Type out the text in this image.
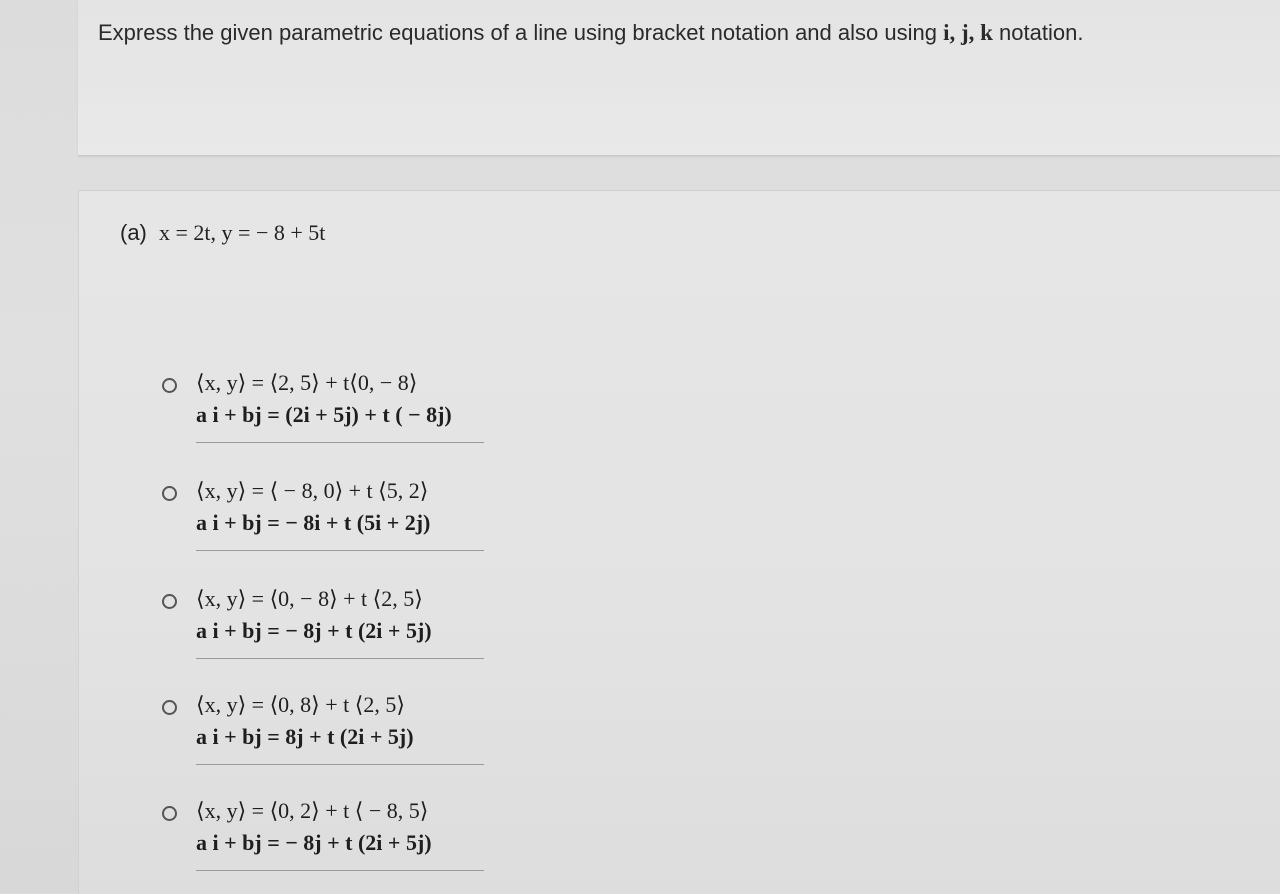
Express the given parametric equations of a line using bracket notation and also using i, j, k notation.
(a) x = 2t, y = − 8 + 5t
⟨x, y⟩ = ⟨2, 5⟩ + t⟨0, − 8⟩
a i + bj = (2i + 5j) + t ( − 8j)
⟨x, y⟩ = ⟨ − 8, 0⟩ + t ⟨5, 2⟩
a i + bj = − 8i + t (5i + 2j)
⟨x, y⟩ = ⟨0, − 8⟩ + t ⟨2, 5⟩
a i + bj = − 8j + t (2i + 5j)
⟨x, y⟩ = ⟨0, 8⟩ + t ⟨2, 5⟩
a i + bj = 8j + t (2i + 5j)
⟨x, y⟩ = ⟨0, 2⟩ + t ⟨ − 8, 5⟩
a i + bj = − 8j + t (2i + 5j)
